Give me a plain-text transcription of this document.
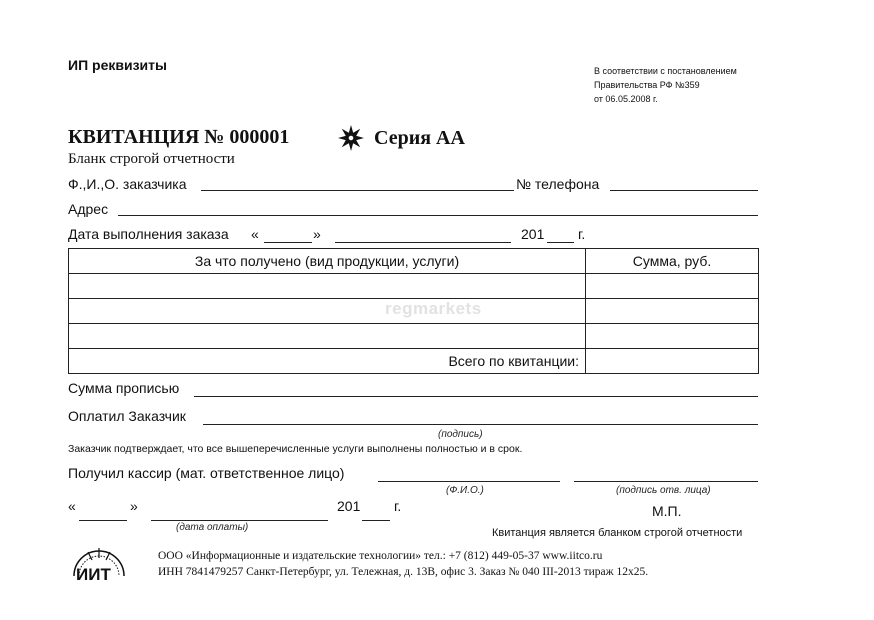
ИП реквизиты	В соответствии с постановлением
Правительства РФ №359
от 06.05.2008 г.
КВИТАНЦИЯ № 000001	Серия АА
Бланк строгой отчетности
Ф.,И.,О. заказчика	№ телефона
Адрес
Дата выполнения заказа «	»	201 г.
За что получено (вид продукции, услуги)	Сумма, руб.

Всего по квитанции:	
regmarkets
Сумма прописью
Оплатил Заказчик
(подпись)
Заказчик подтверждает, что все вышеперечисленные услуги выполнены полностью и в срок.
Получил кассир (мат. ответственное лицо)
(Ф.И.О.)	(подпись отв. лица)
«	»	201 г.
(дата оплаты)
М.П.
Квитанция является бланком строгой отчетности
ИИТ
ООО «Информационные и издательские технологии» тел.: +7 (812) 449-05-37 www.iitco.ru
ИНН 7841479257 Санкт-Петербург, ул. Тележная, д. 13В, офис 3. Заказ № 040 III-2013 тираж 12х25.
